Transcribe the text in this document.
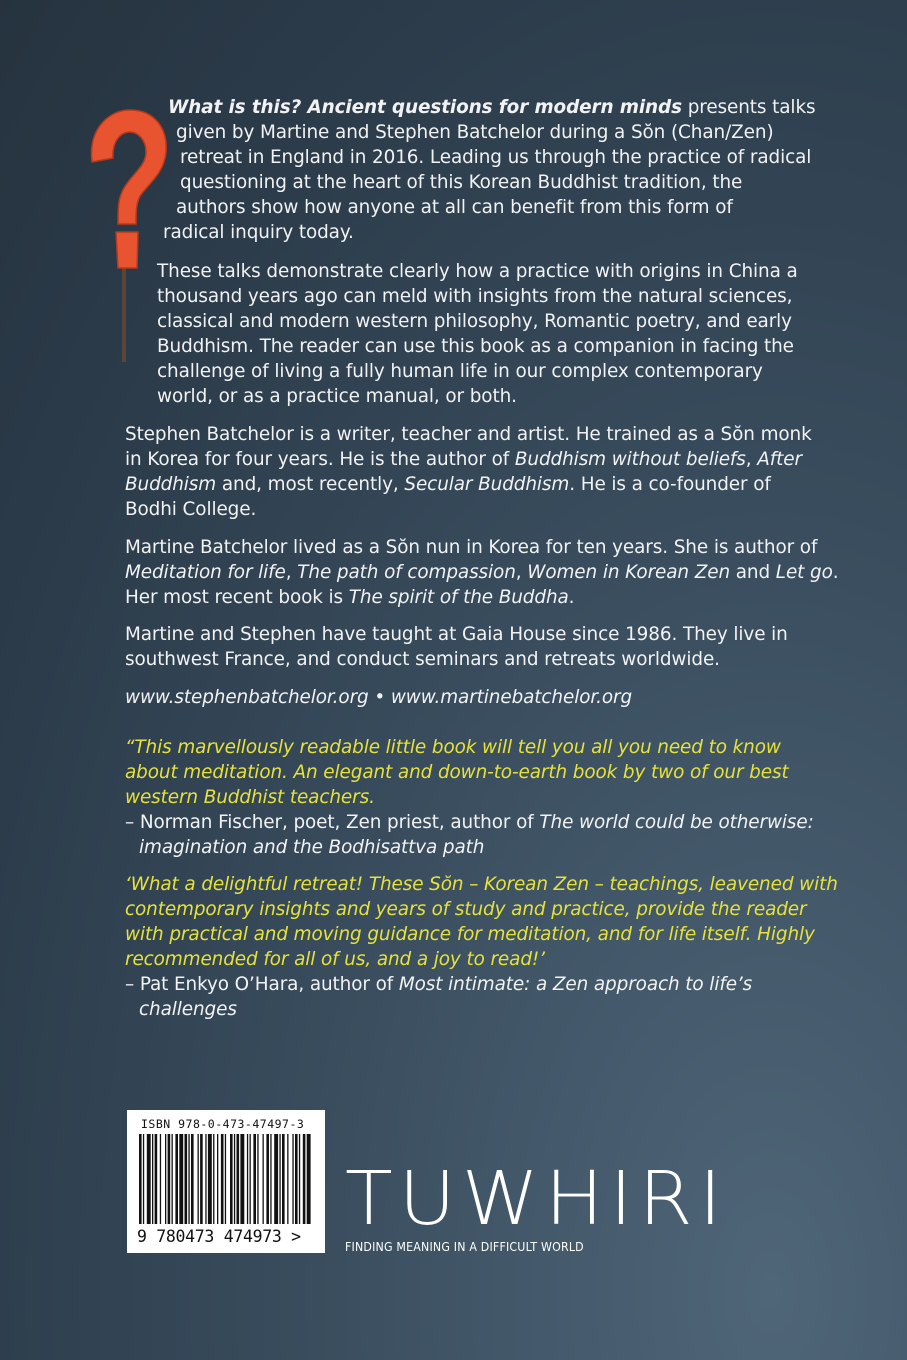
What is this? Ancient questions for modern minds presents talks
given by Martine and Stephen Batchelor during a Sŏn (Chan/Zen)
retreat in England in 2016. Leading us through the practice of radical
questioning at the heart of this Korean Buddhist tradition, the
authors show how anyone at all can benefit from this form of
radical inquiry today.
These talks demonstrate clearly how a practice with origins in China a
thousand years ago can meld with insights from the natural sciences,
classical and modern western philosophy, Romantic poetry, and early
Buddhism. The reader can use this book as a companion in facing the
challenge of living a fully human life in our complex contemporary
world, or as a practice manual, or both.
Stephen Batchelor is a writer, teacher and artist. He trained as a Sŏn monk
in Korea for four years. He is the author of Buddhism without beliefs, After
Buddhism and, most recently, Secular Buddhism. He is a co-founder of
Bodhi College.
Martine Batchelor lived as a Sŏn nun in Korea for ten years. She is author of
Meditation for life, The path of compassion, Women in Korean Zen and Let go.
Her most recent book is The spirit of the Buddha.
Martine and Stephen have taught at Gaia House since 1986. They live in
southwest France, and conduct seminars and retreats worldwide.
www.stephenbatchelor.org • www.martinebatchelor.org
“This marvellously readable little book will tell you all you need to know
about meditation. An elegant and down-to-earth book by two of our best
western Buddhist teachers.
– Norman Fischer, poet, Zen priest, author of The world could be otherwise:
imagination and the Bodhisattva path
‘What a delightful retreat! These Sŏn – Korean Zen – teachings, leavened with
contemporary insights and years of study and practice, provide the reader
with practical and moving guidance for meditation, and for life itself. Highly
recommended for all of us, and a joy to read!’
– Pat Enkyo O’Hara, author of Most intimate: a Zen approach to life’s
challenges
ISBN 978-0-473-47497-3
9 780473 474973 > TUWHIRI
FINDING MEANING IN A DIFFICULT WORLD
